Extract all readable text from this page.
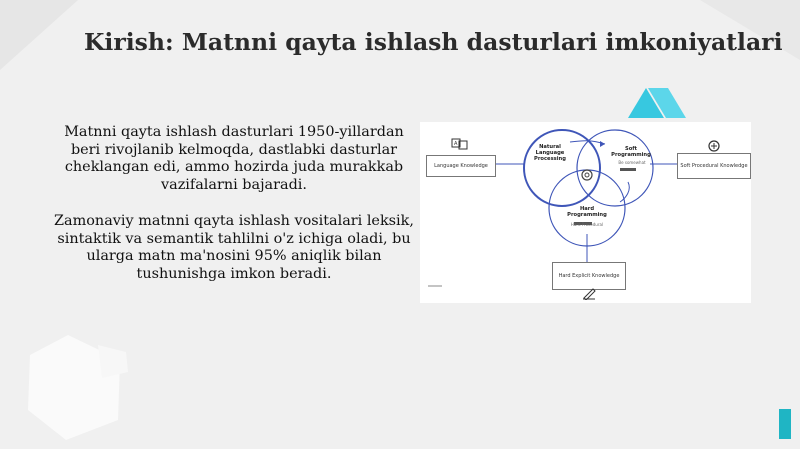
Kirish: Matnni qayta ishlash dasturlari imkoniyatlari
Matnni qayta ishlash dasturlari 1950-yillardan beri rivojlanib kelmoqda, dastlabki dasturlar cheklangan edi, ammo hozirda juda murakkab vazifalarni bajaradi.
Zamonaviy matnni qayta ishlash vositalari leksik, sintaktik va semantik tahlilni o'z ichiga oladi, bu ularga matn ma'nosini 95% aniqlik bilan tushunishga imkon beradi.
Language Knowledge
A	Natural Language Processing
Soft Programming
Be somewhat
Hard Programming
Hard Procedural
Soft Procedural Knowledge
Hard Explicit Knowledge
